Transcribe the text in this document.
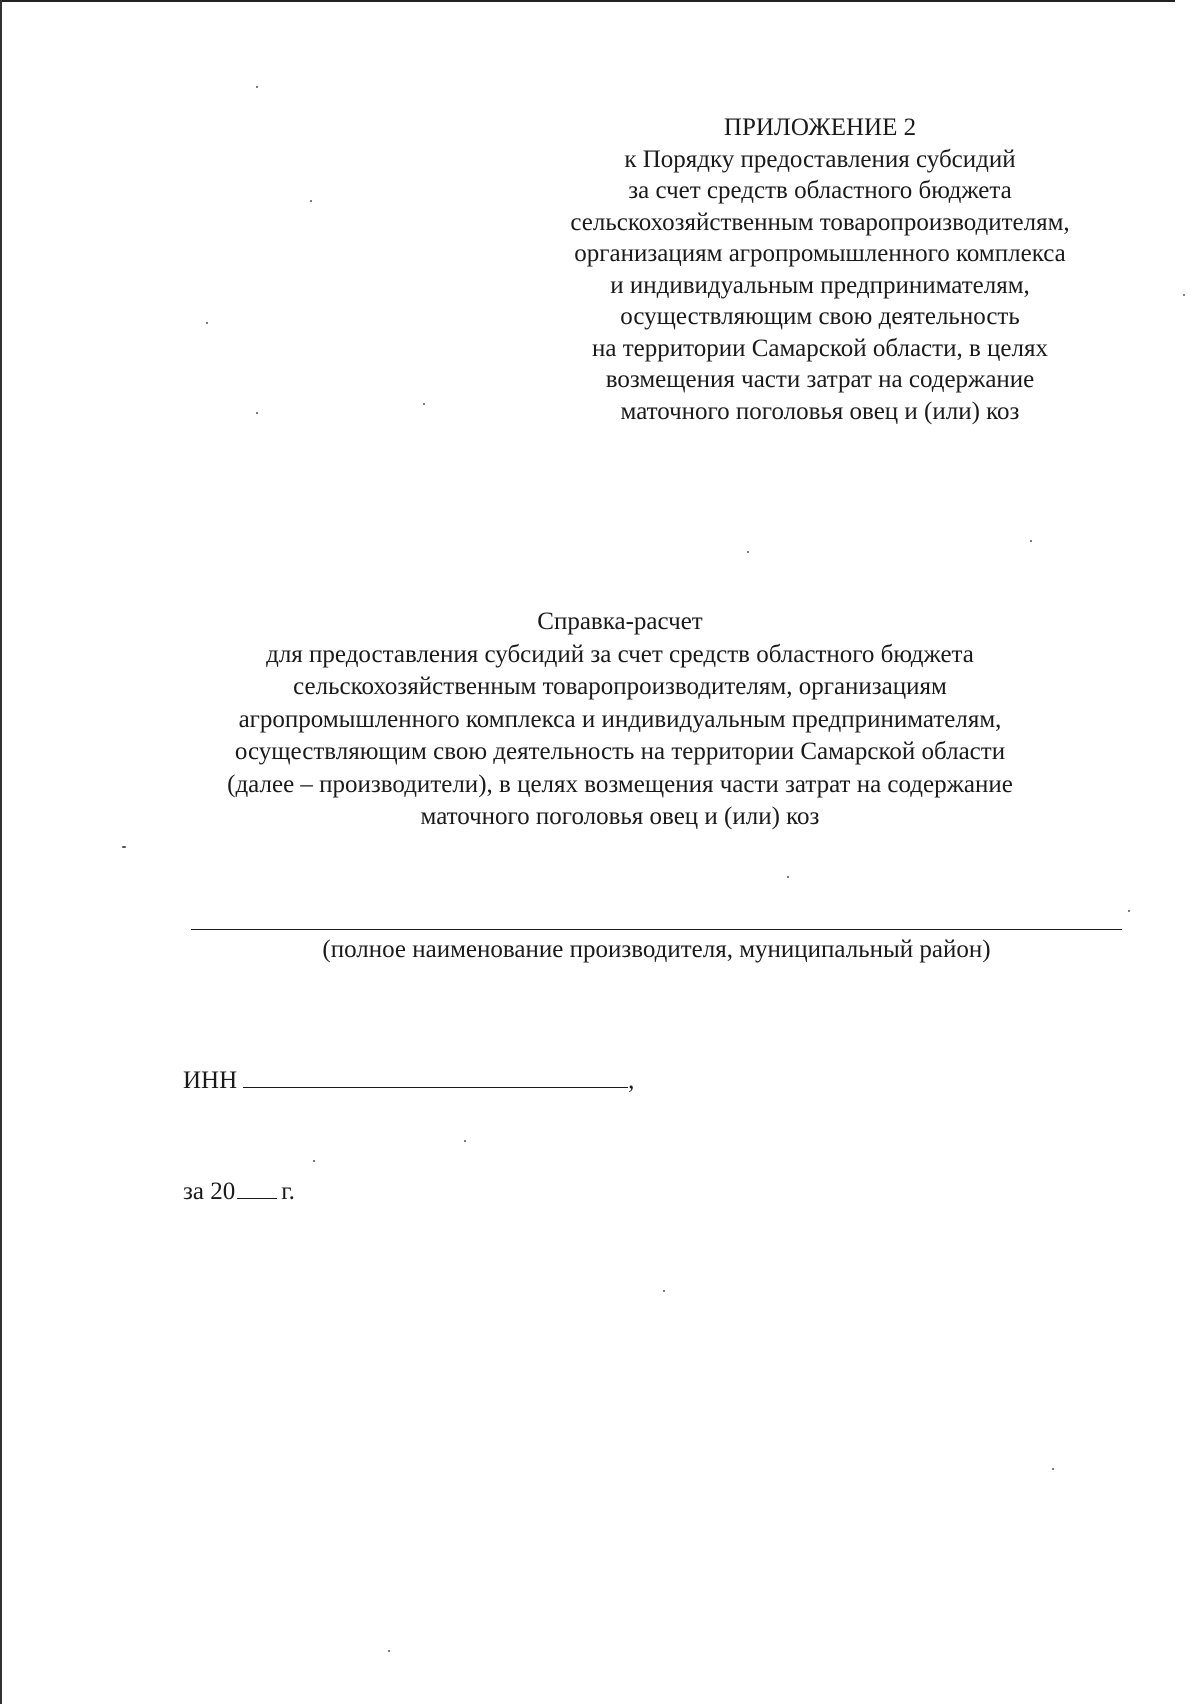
ПРИЛОЖЕНИЕ 2
к Порядку предоставления субсидий
за счет средств областного бюджета
сельскохозяйственным товаропроизводителям,
организациям агропромышленного комплекса
и индивидуальным предпринимателям,
осуществляющим свою деятельность
на территории Самарской области, в целях
возмещения части затрат на содержание
маточного поголовья овец и (или) коз
Справка-расчет
для предоставления субсидий за счет средств областного бюджета
сельскохозяйственным товаропроизводителям, организациям
агропромышленного комплекса и индивидуальным предпринимателям,
осуществляющим свою деятельность на территории Самарской области
(далее – производители), в целях возмещения части затрат на содержание
маточного поголовья овец и (или) коз
(полное наименование производителя, муниципальный район)
ИНН	,
за 20 г.
